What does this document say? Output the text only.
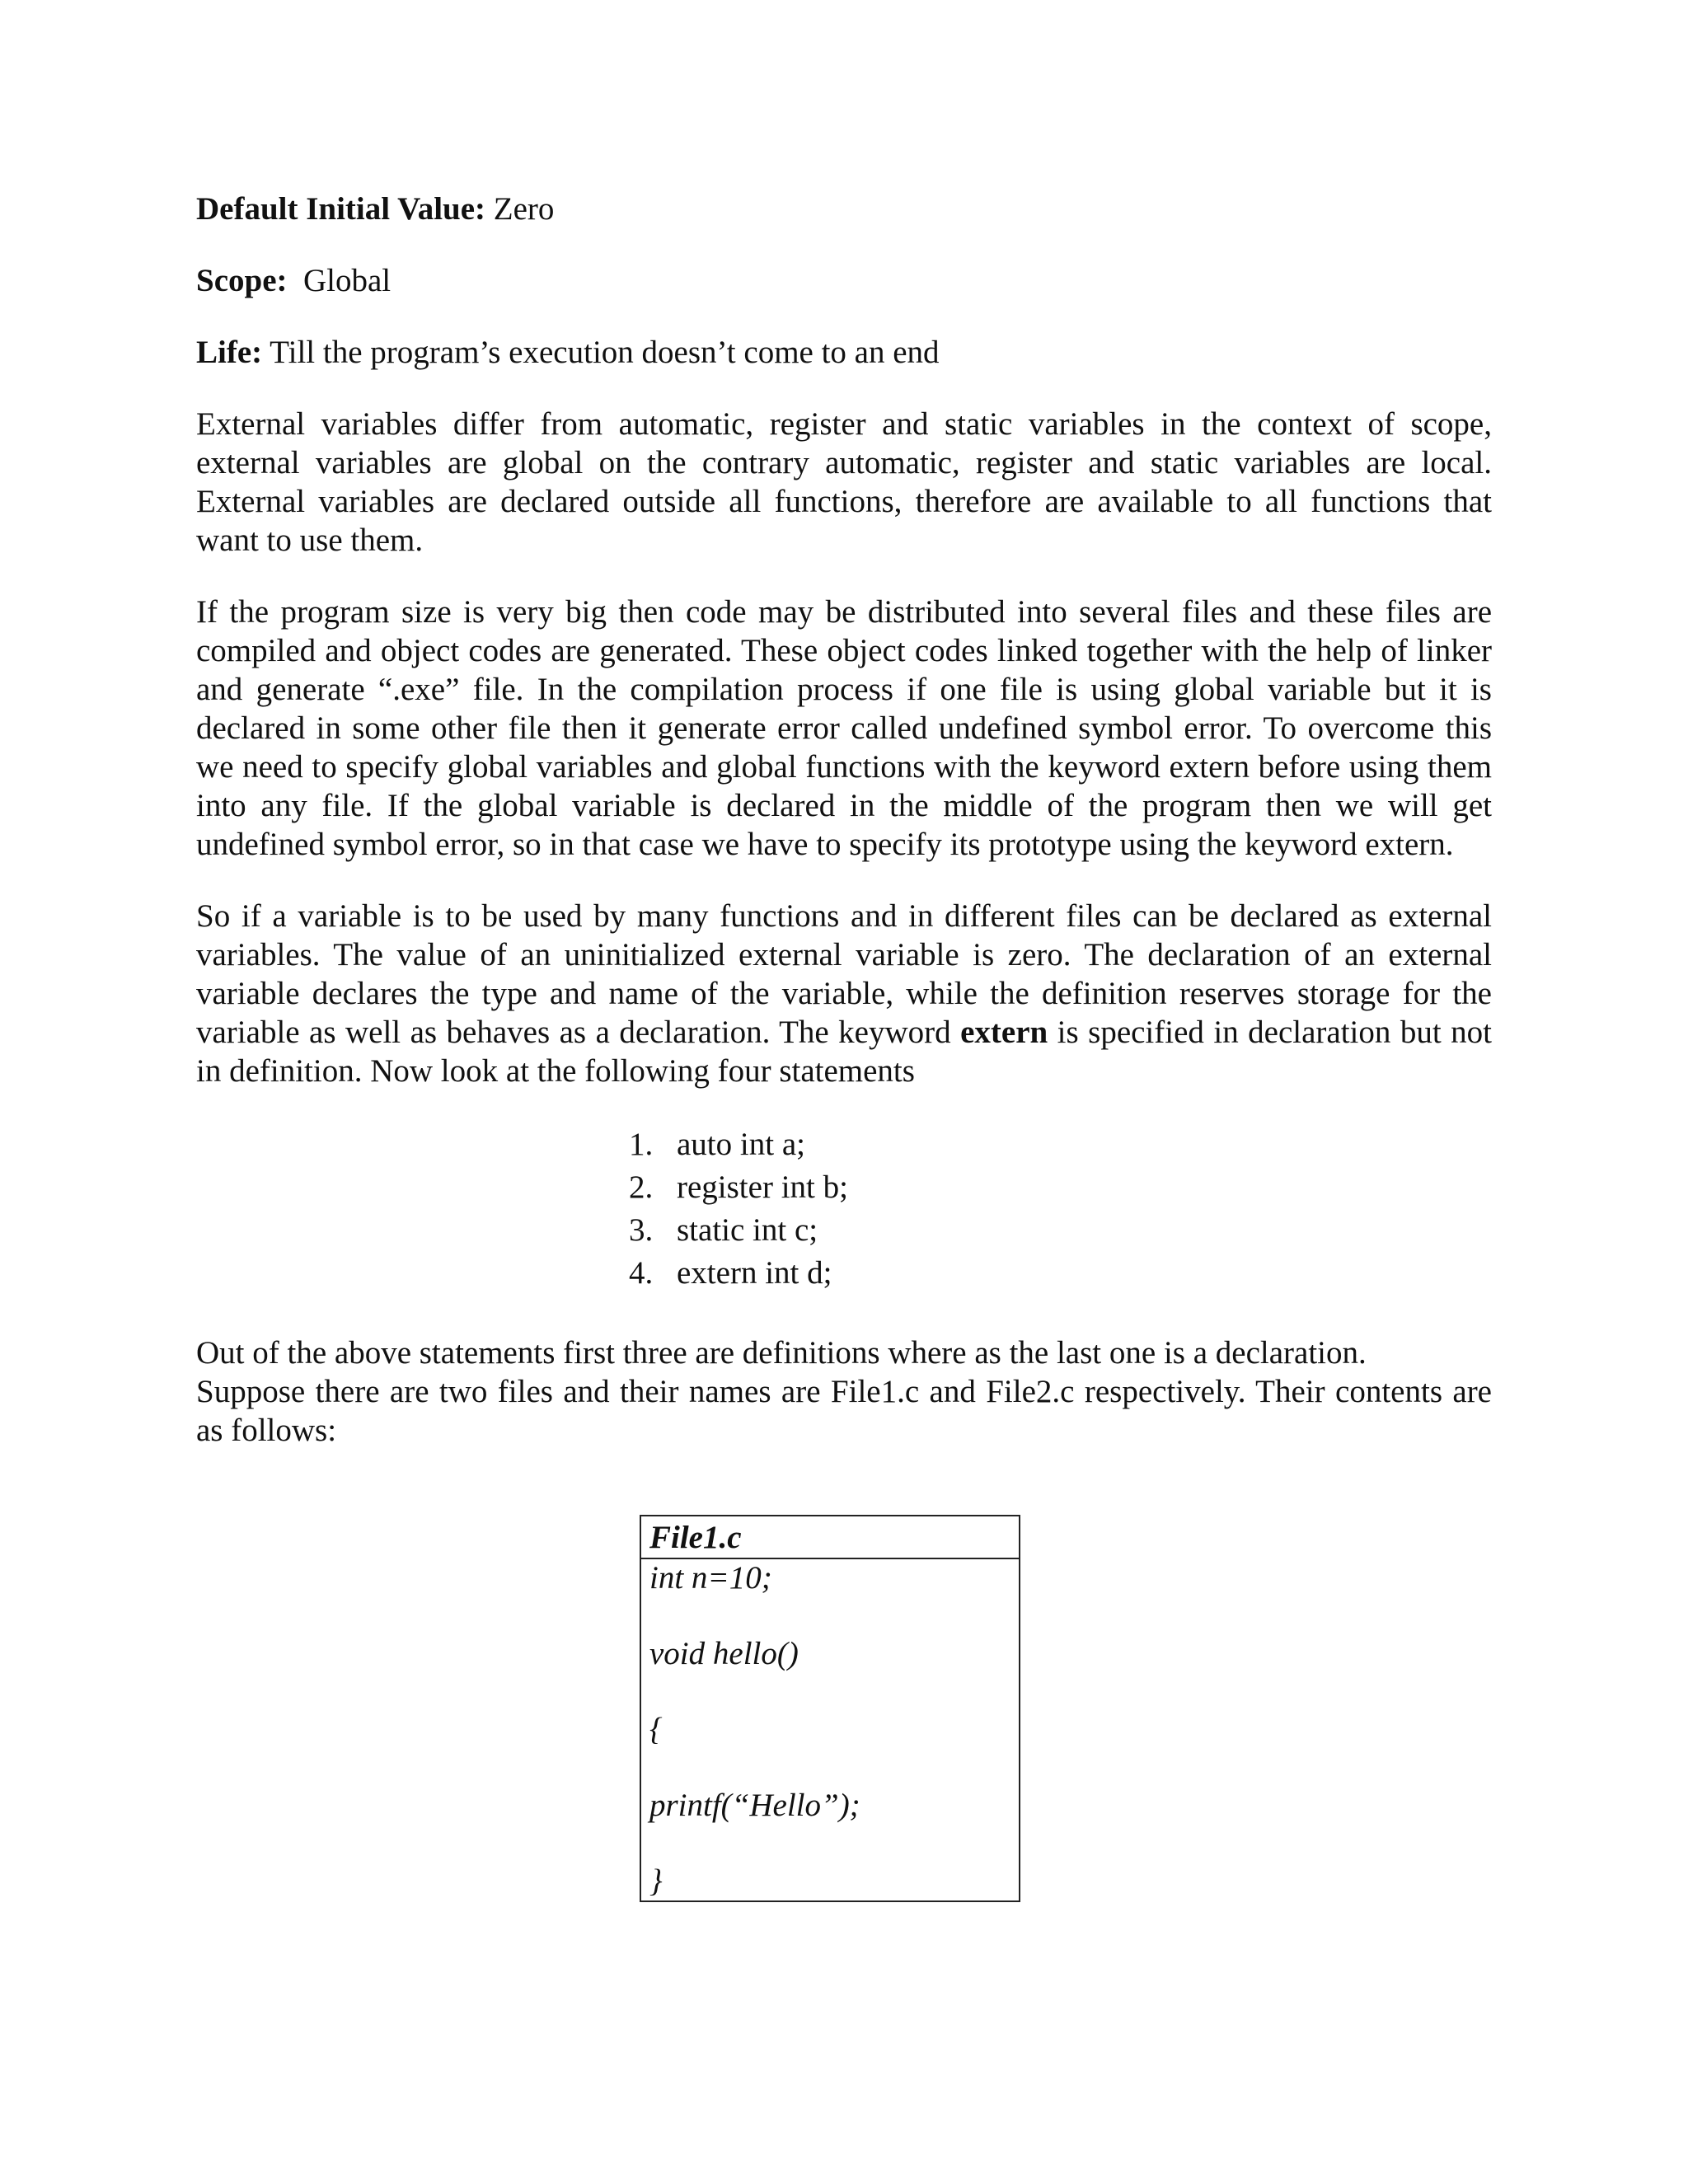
Default Initial Value: Zero

Scope:  Global

Life: Till the program’s execution doesn’t come to an end

External variables differ from automatic, register and static variables in the context of scope, external variables are global on the contrary automatic, register and static variables are local. External variables are declared outside all functions, therefore are available to all functions that want to use them.

If the program size is very big then code may be distributed into several files and these files are compiled and object codes are generated. These object codes linked together with the help of linker and generate “.exe” file. In the compilation process if one file is using global variable but it is declared in some other file then it generate error called undefined symbol error. To overcome this we need to specify global variables and global functions with the keyword extern before using them into any file. If the global variable is declared in the middle of the program then we will get undefined symbol error, so in that case we have to specify its prototype using the keyword extern.

So if a variable is to be used by many functions and in different files can be declared as external variables. The value of an uninitialized external variable is zero. The declaration of an external variable declares the type and name of the variable, while the definition reserves storage for the variable as well as behaves as a declaration. The keyword extern is specified in declaration but not in definition. Now look at the following four statements

1. auto int a;
2. register int b;
3. static int c;
4. extern int d;

Out of the above statements first three are definitions where as the last one is a declaration.

Suppose there are two files and their names are File1.c and File2.c respectively. Their contents are as follows:

File1.c
int n=10;
void hello()
{
printf(“Hello”);
}
